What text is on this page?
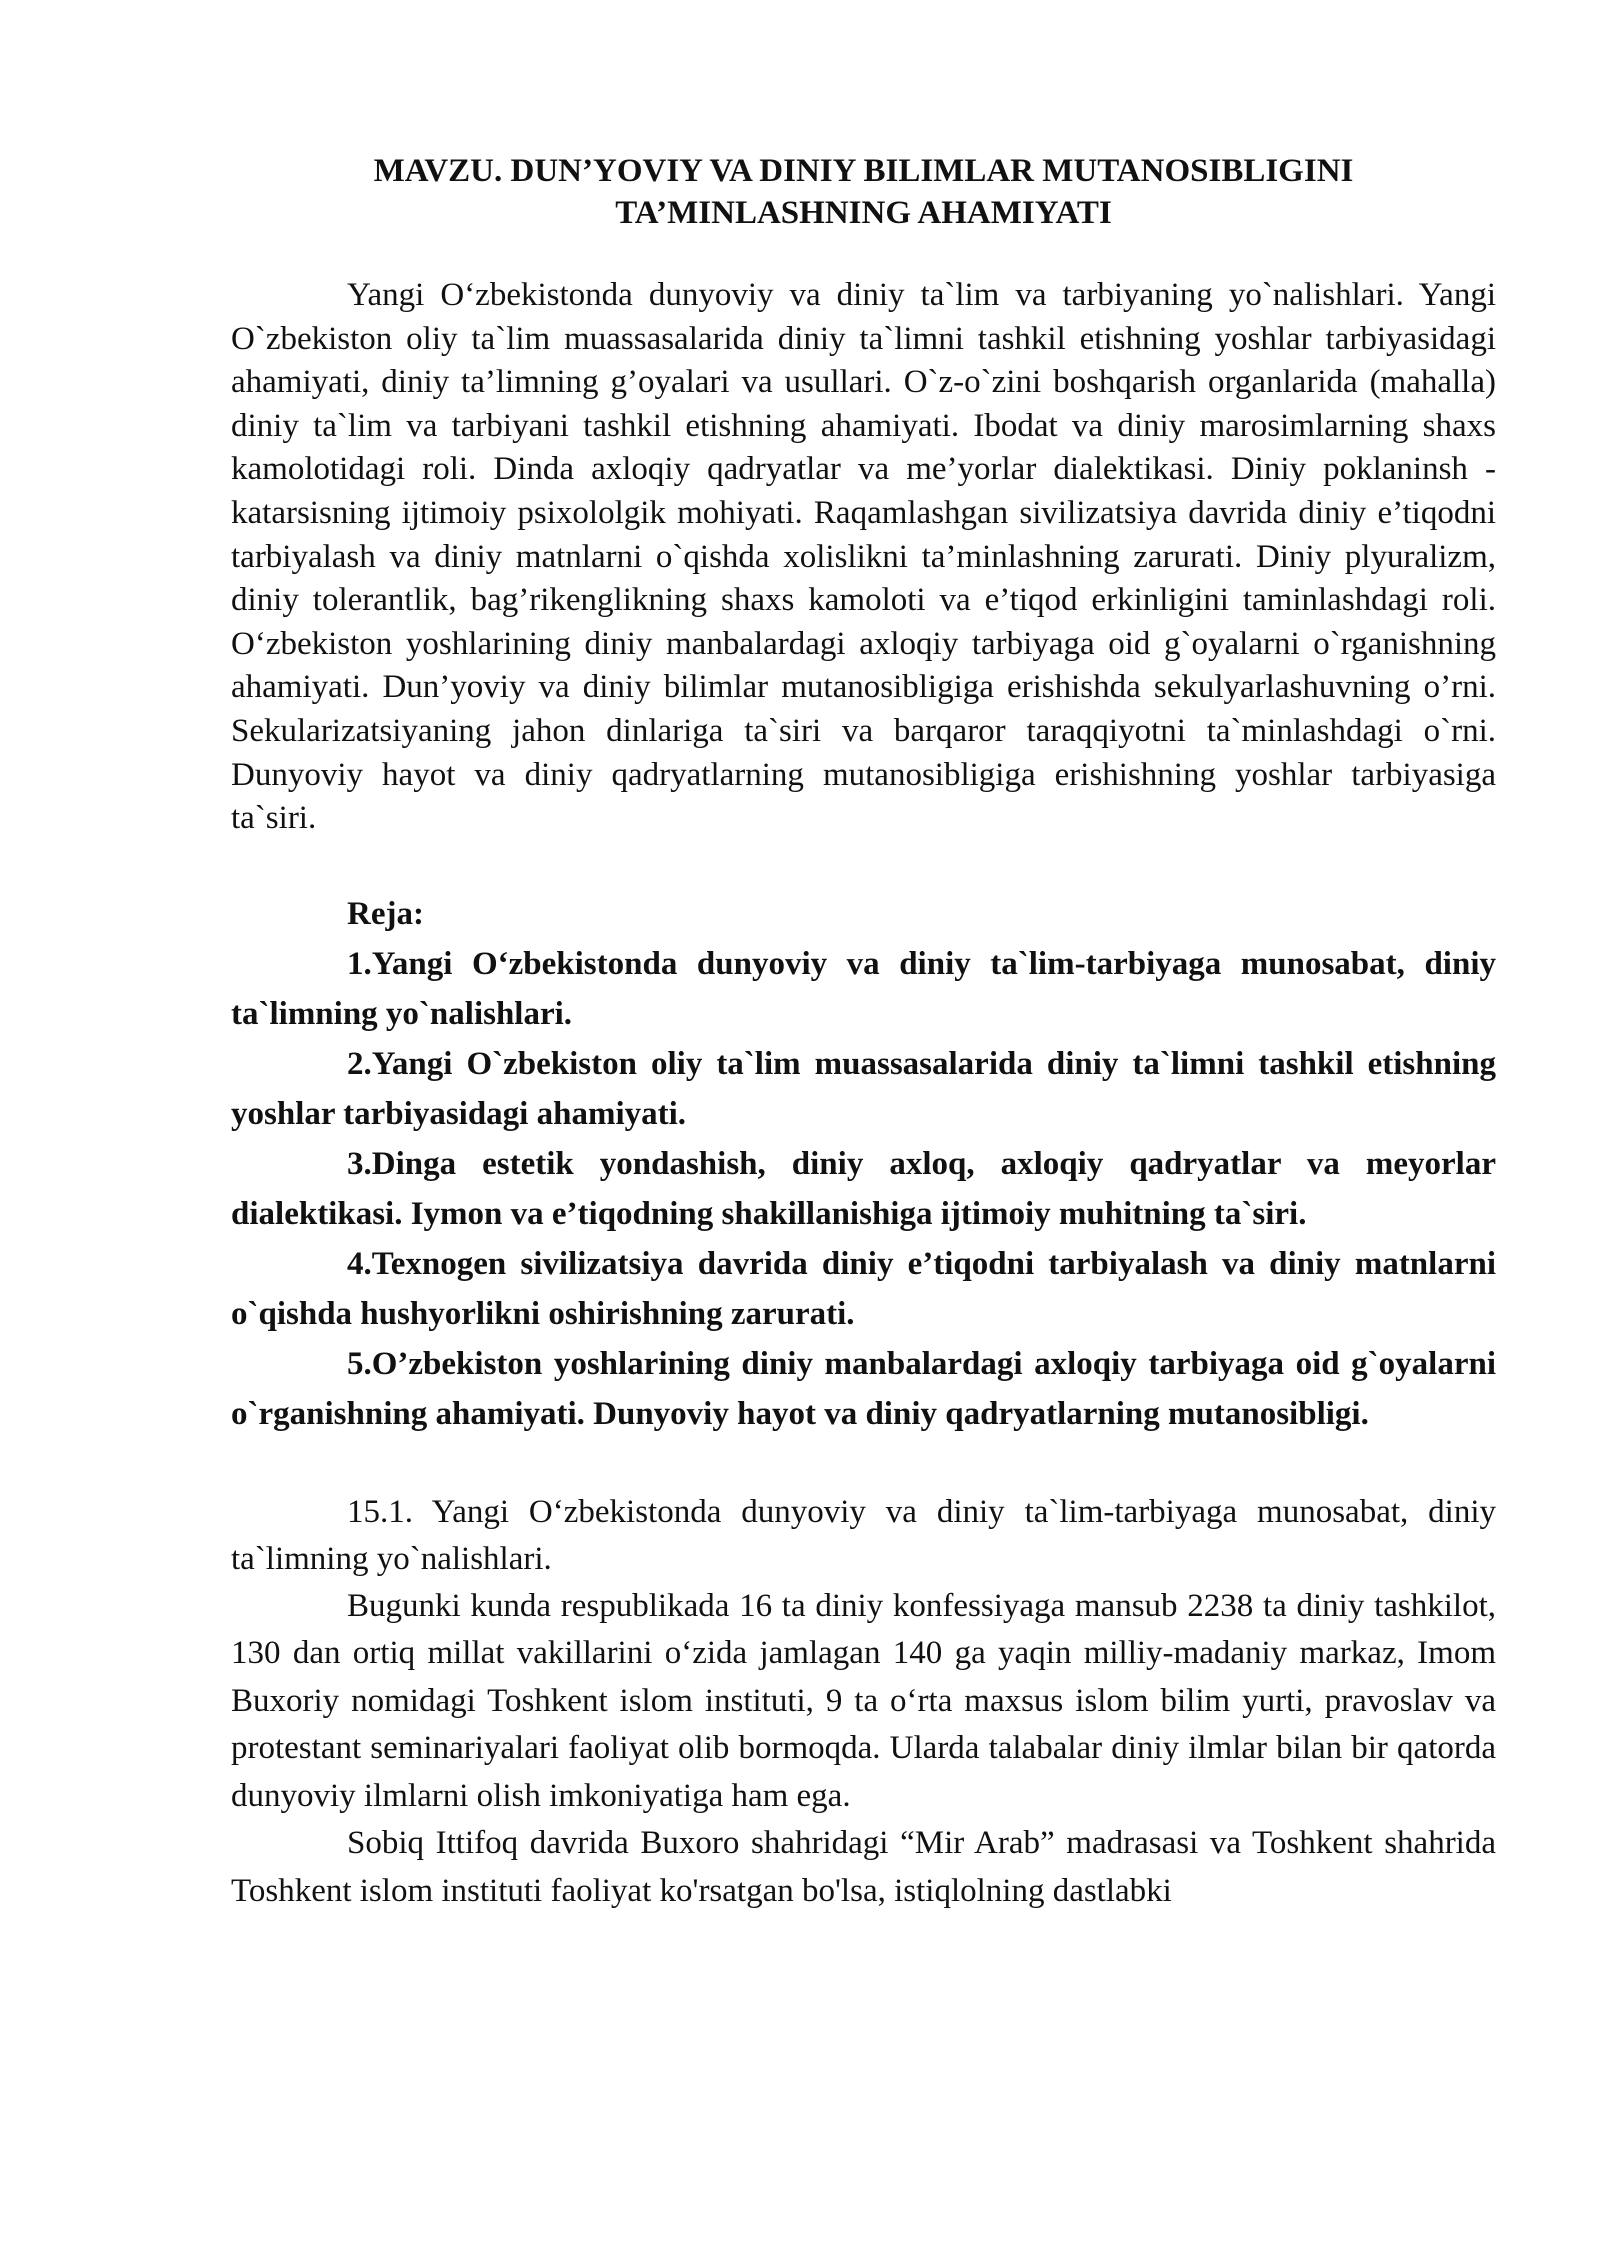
MAVZU. DUN’YOVIY VA DINIY BILIMLAR MUTANOSIBLIGINI
TA’MINLASHNING AHAMIYATI

Yangi O‘zbekistonda dunyoviy va diniy ta`lim va tarbiyaning yo`nalishlari. Yangi O`zbekiston oliy ta`lim muassasalarida diniy ta`limni tashkil etishning yoshlar tarbiyasidagi ahamiyati, diniy ta’limning g’oyalari va usullari. O`z-o`zini boshqarish organlarida (mahalla) diniy ta`lim va tarbiyani tashkil etishning ahamiyati. Ibodat va diniy marosimlarning shaxs kamolotidagi roli. Dinda axloqiy qadryatlar va me’yorlar dialektikasi. Diniy poklaninsh - katarsisning ijtimoiy psixololgik mohiyati. Raqamlashgan sivilizatsiya davrida diniy e’tiqodni tarbiyalash va diniy matnlarni o`qishda xolislikni ta’minlashning zarurati. Diniy plyuralizm, diniy tolerantlik, bag’rikenglikning shaxs kamoloti va e’tiqod erkinligini taminlashdagi roli. O‘zbekiston yoshlarining diniy manbalardagi axloqiy tarbiyaga oid g`oyalarni o`rganishning ahamiyati. Dun’yoviy va diniy bilimlar mutanosibligiga erishishda sekulyarlashuvning o’rni. Sekularizatsiyaning jahon dinlariga ta`siri va barqaror taraqqiyotni ta`minlashdagi o`rni. Dunyoviy hayot va diniy qadryatlarning mutanosibligiga erishishning yoshlar tarbiyasiga ta`siri.

Reja:

1.Yangi O‘zbekistonda dunyoviy va diniy ta`lim-tarbiyaga munosabat, diniy ta`limning yo`nalishlari.

2.Yangi O`zbekiston oliy ta`lim muassasalarida diniy ta`limni tashkil etishning yoshlar tarbiyasidagi ahamiyati.

3.Dinga estetik yondashish, diniy axloq, axloqiy qadryatlar va meyorlar dialektikasi. Iymon va e’tiqodning shakillanishiga ijtimoiy muhitning ta`siri.

4.Texnogen sivilizatsiya davrida diniy e’tiqodni tarbiyalash va diniy matnlarni o`qishda hushyorlikni oshirishning zarurati.

5.O’zbekiston yoshlarining diniy manbalardagi axloqiy tarbiyaga oid g`oyalarni o`rganishning ahamiyati. Dunyoviy hayot va diniy qadryatlarning mutanosibligi.

15.1. Yangi O‘zbekistonda dunyoviy va diniy ta`lim-tarbiyaga munosabat, diniy ta`limning yo`nalishlari.

Bugunki kunda respublikada 16 ta diniy konfessiyaga mansub 2238 ta diniy tashkilot, 130 dan ortiq millat vakillarini o‘zida jamlagan 140 ga yaqin milliy-madaniy markaz, Imom Buxoriy nomidagi Toshkent islom instituti, 9 ta o‘rta maxsus islom bilim yurti, pravoslav va protestant seminariyalari faoliyat olib bormoqda. Ularda talabalar diniy ilmlar bilan bir qatorda dunyoviy ilmlarni olish imkoniyatiga ham ega.

Sobiq Ittifoq davrida Buxoro shahridagi “Mir Arab” madrasasi va Toshkent shahrida Toshkent islom instituti faoliyat ko'rsatgan bo'lsa, istiqlolning dastlabki
